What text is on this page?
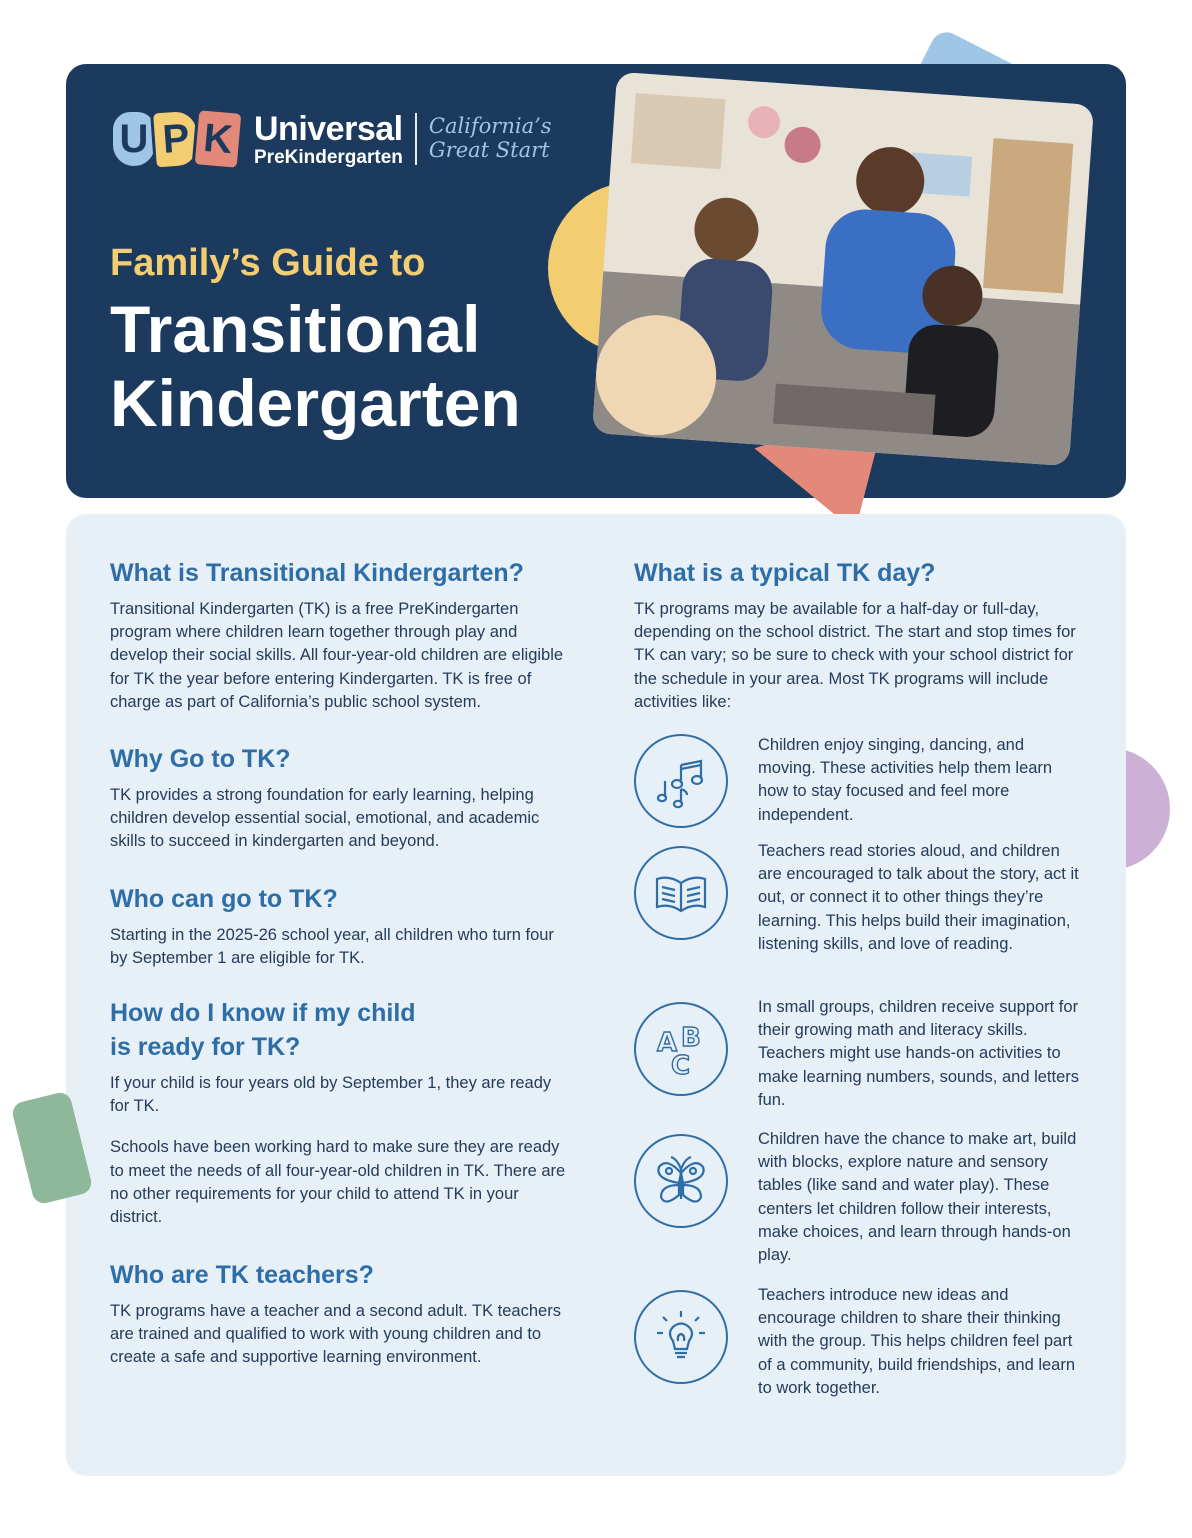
U P K Universal
PreKindergarten
California’s
Great Start
Family’s Guide to
Transitional
Kindergarten
What is Transitional Kindergarten?

Transitional Kindergarten (TK) is a free PreKindergarten program where children learn together through play and develop their social skills. All four-year-old children are eligible for TK the year before entering Kindergarten. TK is free of charge as part of California’s public school system.

Why Go to TK?

TK provides a strong foundation for early learning, helping children develop essential social, emotional, and academic skills to succeed in kindergarten and beyond.

Who can go to TK?

Starting in the 2025-26 school year, all children who turn four by September 1 are eligible for TK.

How do I know if my child
is ready for TK?

If your child is four years old by September 1, they are ready for TK.

Schools have been working hard to make sure they are ready to meet the needs of all four-year-old children in TK. There are no other requirements for your child to attend TK in your district.

Who are TK teachers?

TK programs have a teacher and a second adult. TK teachers are trained and qualified to work with young children and to create a safe and supportive learning environment.

What is a typical TK day?

TK programs may be available for a half-day or full-day, depending on the school district. The start and stop times for TK can vary; so be sure to check with your school district for the schedule in your area. Most TK programs will include activities like:

Children enjoy singing, dancing, and moving. These activities help them learn how to stay focused and feel more independent.
Teachers read stories aloud, and children are encouraged to talk about the story, act it out, or connect it to other things they’re learning. This helps build their imagination, listening skills, and love of reading.
A B
C
In small groups, children receive support for their growing math and literacy skills. Teachers might use hands-on activities to make learning numbers, sounds, and letters fun.
Children have the chance to make art, build with blocks, explore nature and sensory tables (like sand and water play). These centers let children follow their interests, make choices, and learn through hands-on play.
Teachers introduce new ideas and encourage children to share their thinking with the group. This helps children feel part of a community, build friendships, and learn to work together.
